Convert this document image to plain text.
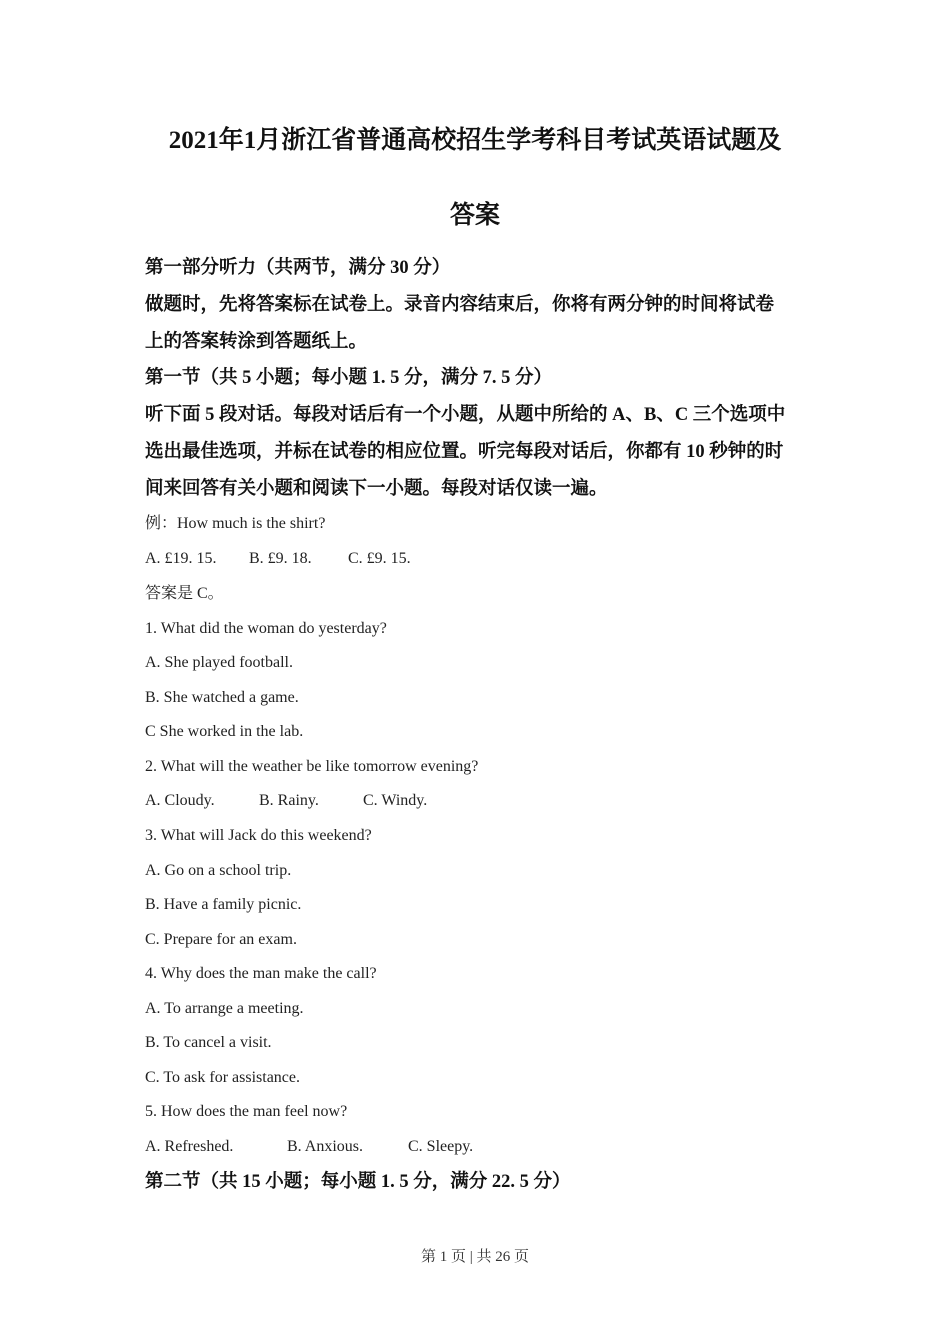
2021年1月浙江省普通高校招生学考科目考试英语试题及
答案
第一部分听力（共两节，满分 30 分）
做题时，先将答案标在试卷上。录音内容结束后，你将有两分钟的时间将试卷
上的答案转涂到答题纸上。
第一节（共 5 小题；每小题 1. 5 分，满分 7. 5 分）
听下面 5 段对话。每段对话后有一个小题，从题中所给的 A、B、C 三个选项中
选出最佳选项，并标在试卷的相应位置。听完每段对话后，你都有 10 秒钟的时
间来回答有关小题和阅读下一小题。每段对话仅读一遍。
例：How much is the shirt?
A. £19. 15. B. £9. 18. C. £9. 15.
答案是 C。
1. What did the woman do yesterday?
A. She played football.
B. She watched a game.
C She worked in the lab.
2. What will the weather be like tomorrow evening?
A. Cloudy.	B. Rainy.	C. Windy.
3. What will Jack do this weekend?
A. Go on a school trip.
B. Have a family picnic.
C. Prepare for an exam.
4. Why does the man make the call?
A. To arrange a meeting.
B. To cancel a visit.
C. To ask for assistance.
5. How does the man feel now?
A. Refreshed.	B. Anxious.	C. Sleepy.
第二节（共 15 小题；每小题 1. 5 分，满分 22. 5 分）
第 1 页 | 共 26 页
